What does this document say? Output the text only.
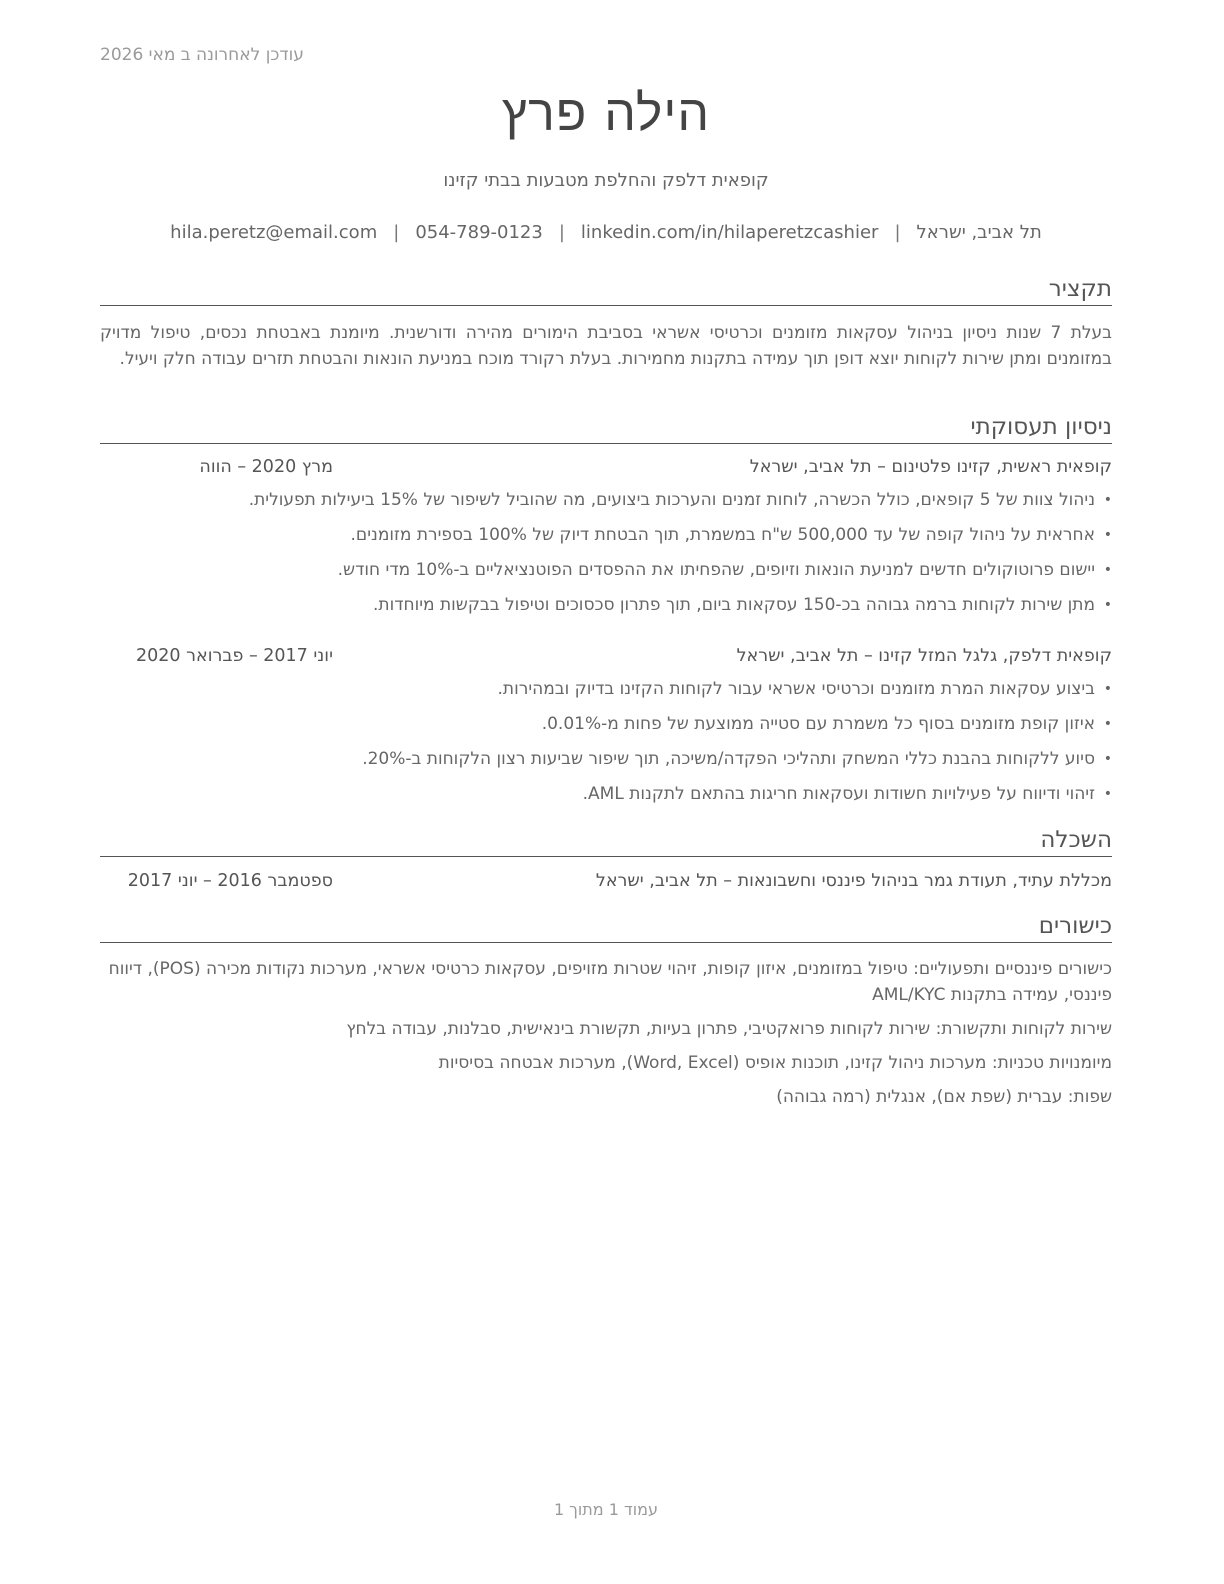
עודכן לאחרונה ב מאי 2026
הילה פרץ
קופאית דלפק והחלפת מטבעות בבתי קזינו
תל אביב, ישראל|hila.peretz@email.com | 054-789-0123 | linkedin.com/in/hilaperetzcashier
תקציר
בעלת 7 שנות ניסיון בניהול עסקאות מזומנים וכרטיסי אשראי בסביבת הימורים מהירה ודורשנית. מיומנת באבטחת נכסים, טיפול מדויק במזומנים ומתן שירות לקוחות יוצא דופן תוך עמידה בתקנות מחמירות. בעלת רקורד מוכח במניעת הונאות והבטחת תזרים עבודה חלק ויעיל.
ניסיון תעסוקתי
קופאית ראשית, קזינו פלטינום – תל אביב, ישראל
מרץ 2020 – הווה
•
ניהול צוות של 5 קופאים, כולל הכשרה, לוחות זמנים והערכות ביצועים, מה שהוביל לשיפור של 15% ביעילות תפעולית.
•
אחראית על ניהול קופה של עד 500,000 ש"ח במשמרת, תוך הבטחת דיוק של 100% בספירת מזומנים.
•
יישום פרוטוקולים חדשים למניעת הונאות וזיופים, שהפחיתו את ההפסדים הפוטנציאליים ב-10% מדי חודש.
•
מתן שירות לקוחות ברמה גבוהה בכ-150 עסקאות ביום, תוך פתרון סכסוכים וטיפול בבקשות מיוחדות.
קופאית דלפק, גלגל המזל קזינו – תל אביב, ישראל
יוני 2017 – פברואר 2020
•
ביצוע עסקאות המרת מזומנים וכרטיסי אשראי עבור לקוחות הקזינו בדיוק ובמהירות.
•
איזון קופת מזומנים בסוף כל משמרת עם סטייה ממוצעת של פחות מ-0.01%.
•
סיוע ללקוחות בהבנת כללי המשחק ותהליכי הפקדה/משיכה, תוך שיפור שביעות רצון הלקוחות ב-20%.
•
זיהוי ודיווח על פעילויות חשודות ועסקאות חריגות בהתאם לתקנות AML.
השכלה
מכללת עתיד, תעודת גמר בניהול פיננסי וחשבונאות – תל אביב, ישראל
ספטמבר 2016 – יוני 2017
כישורים
כישורים פיננסיים ותפעוליים: טיפול במזומנים, איזון קופות, זיהוי שטרות מזויפים, עסקאות כרטיסי אשראי, מערכות נקודות מכירה (POS), דיווח פיננסי, עמידה בתקנות AML/KYC
שירות לקוחות ותקשורת: שירות לקוחות פרואקטיבי, פתרון בעיות, תקשורת בינאישית, סבלנות, עבודה בלחץ
מיומנויות טכניות: מערכות ניהול קזינו, תוכנות אופיס (Word, Excel), מערכות אבטחה בסיסיות
שפות: עברית (שפת אם), אנגלית (רמה גבוהה)
עמוד 1 מתוך 1
